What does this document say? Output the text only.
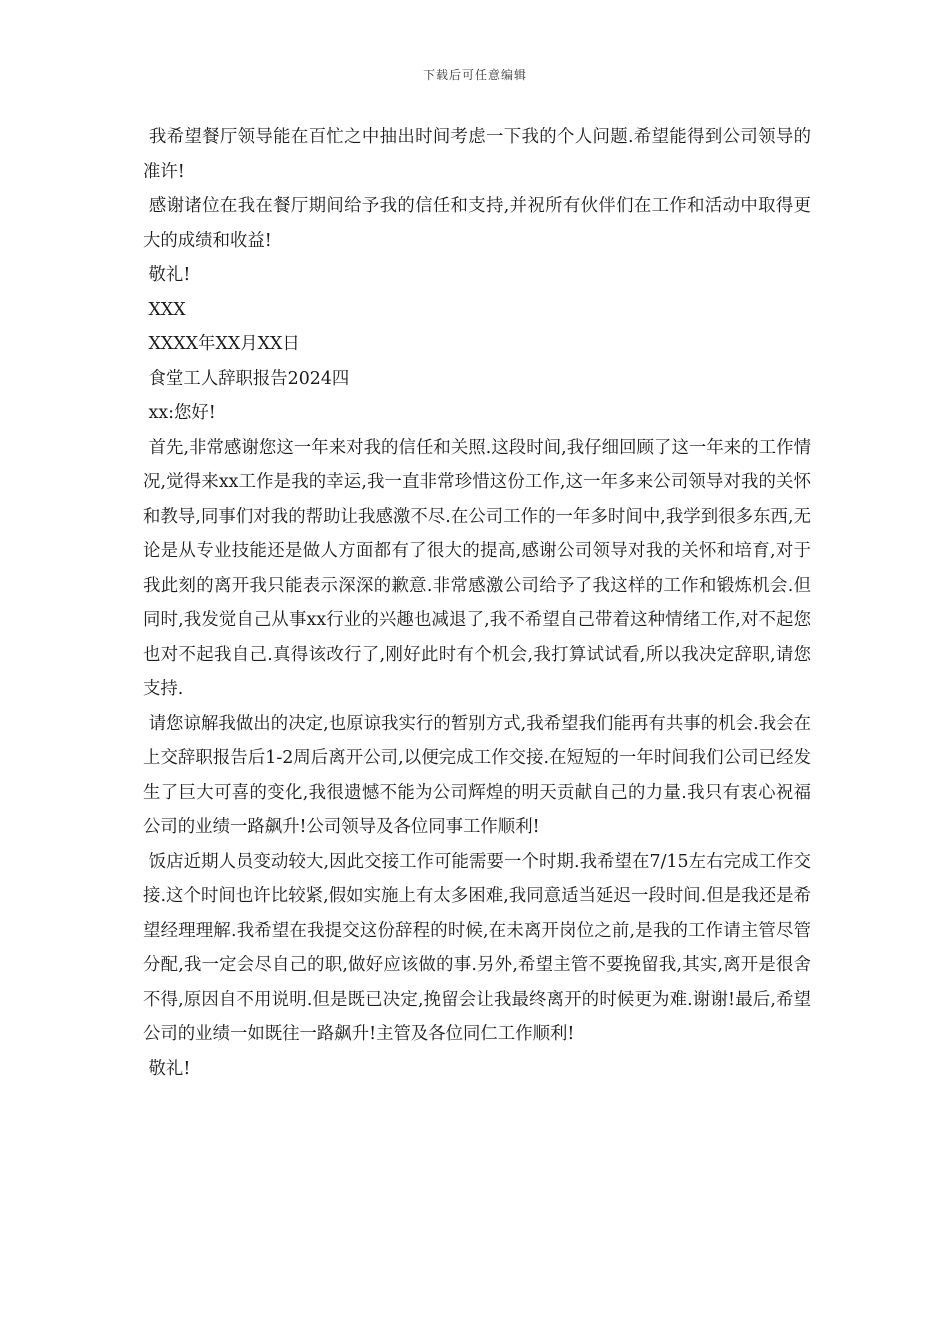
下载后可任意编辑

我希望餐厅领导能在百忙之中抽出时间考虑一下我的个人问题.希望能得到公司领导的准许!

感谢诸位在我在餐厅期间给予我的信任和支持,并祝所有伙伴们在工作和活动中取得更大的成绩和收益!

敬礼!

XXX

XXXX年XX月XX日

食堂工人辞职报告2024四

xx:您好!

首先,非常感谢您这一年来对我的信任和关照.这段时间,我仔细回顾了这一年来的工作情况,觉得来xx工作是我的幸运,我一直非常珍惜这份工作,这一年多来公司领导对我的关怀和教导,同事们对我的帮助让我感激不尽.在公司工作的一年多时间中,我学到很多东西,无论是从专业技能还是做人方面都有了很大的提高,感谢公司领导对我的关怀和培育,对于我此刻的离开我只能表示深深的歉意.非常感激公司给予了我这样的工作和锻炼机会.但同时,我发觉自己从事xx行业的兴趣也减退了,我不希望自己带着这种情绪工作,对不起您也对不起我自己.真得该改行了,刚好此时有个机会,我打算试试看,所以我决定辞职,请您支持.

请您谅解我做出的决定,也原谅我实行的暂别方式,我希望我们能再有共事的机会.我会在上交辞职报告后1-2周后离开公司,以便完成工作交接.在短短的一年时间我们公司已经发生了巨大可喜的变化,我很遗憾不能为公司辉煌的明天贡献自己的力量.我只有衷心祝福公司的业绩一路飙升!公司领导及各位同事工作顺利!

饭店近期人员变动较大,因此交接工作可能需要一个时期.我希望在7/15左右完成工作交接.这个时间也许比较紧,假如实施上有太多困难,我同意适当延迟一段时间.但是我还是希望经理理解.我希望在我提交这份辞程的时候,在未离开岗位之前,是我的工作请主管尽管分配,我一定会尽自己的职,做好应该做的事.另外,希望主管不要挽留我,其实,离开是很舍不得,原因自不用说明.但是既已决定,挽留会让我最终离开的时候更为难.谢谢!最后,希望公司的业绩一如既往一路飙升!主管及各位同仁工作顺利!

敬礼!
